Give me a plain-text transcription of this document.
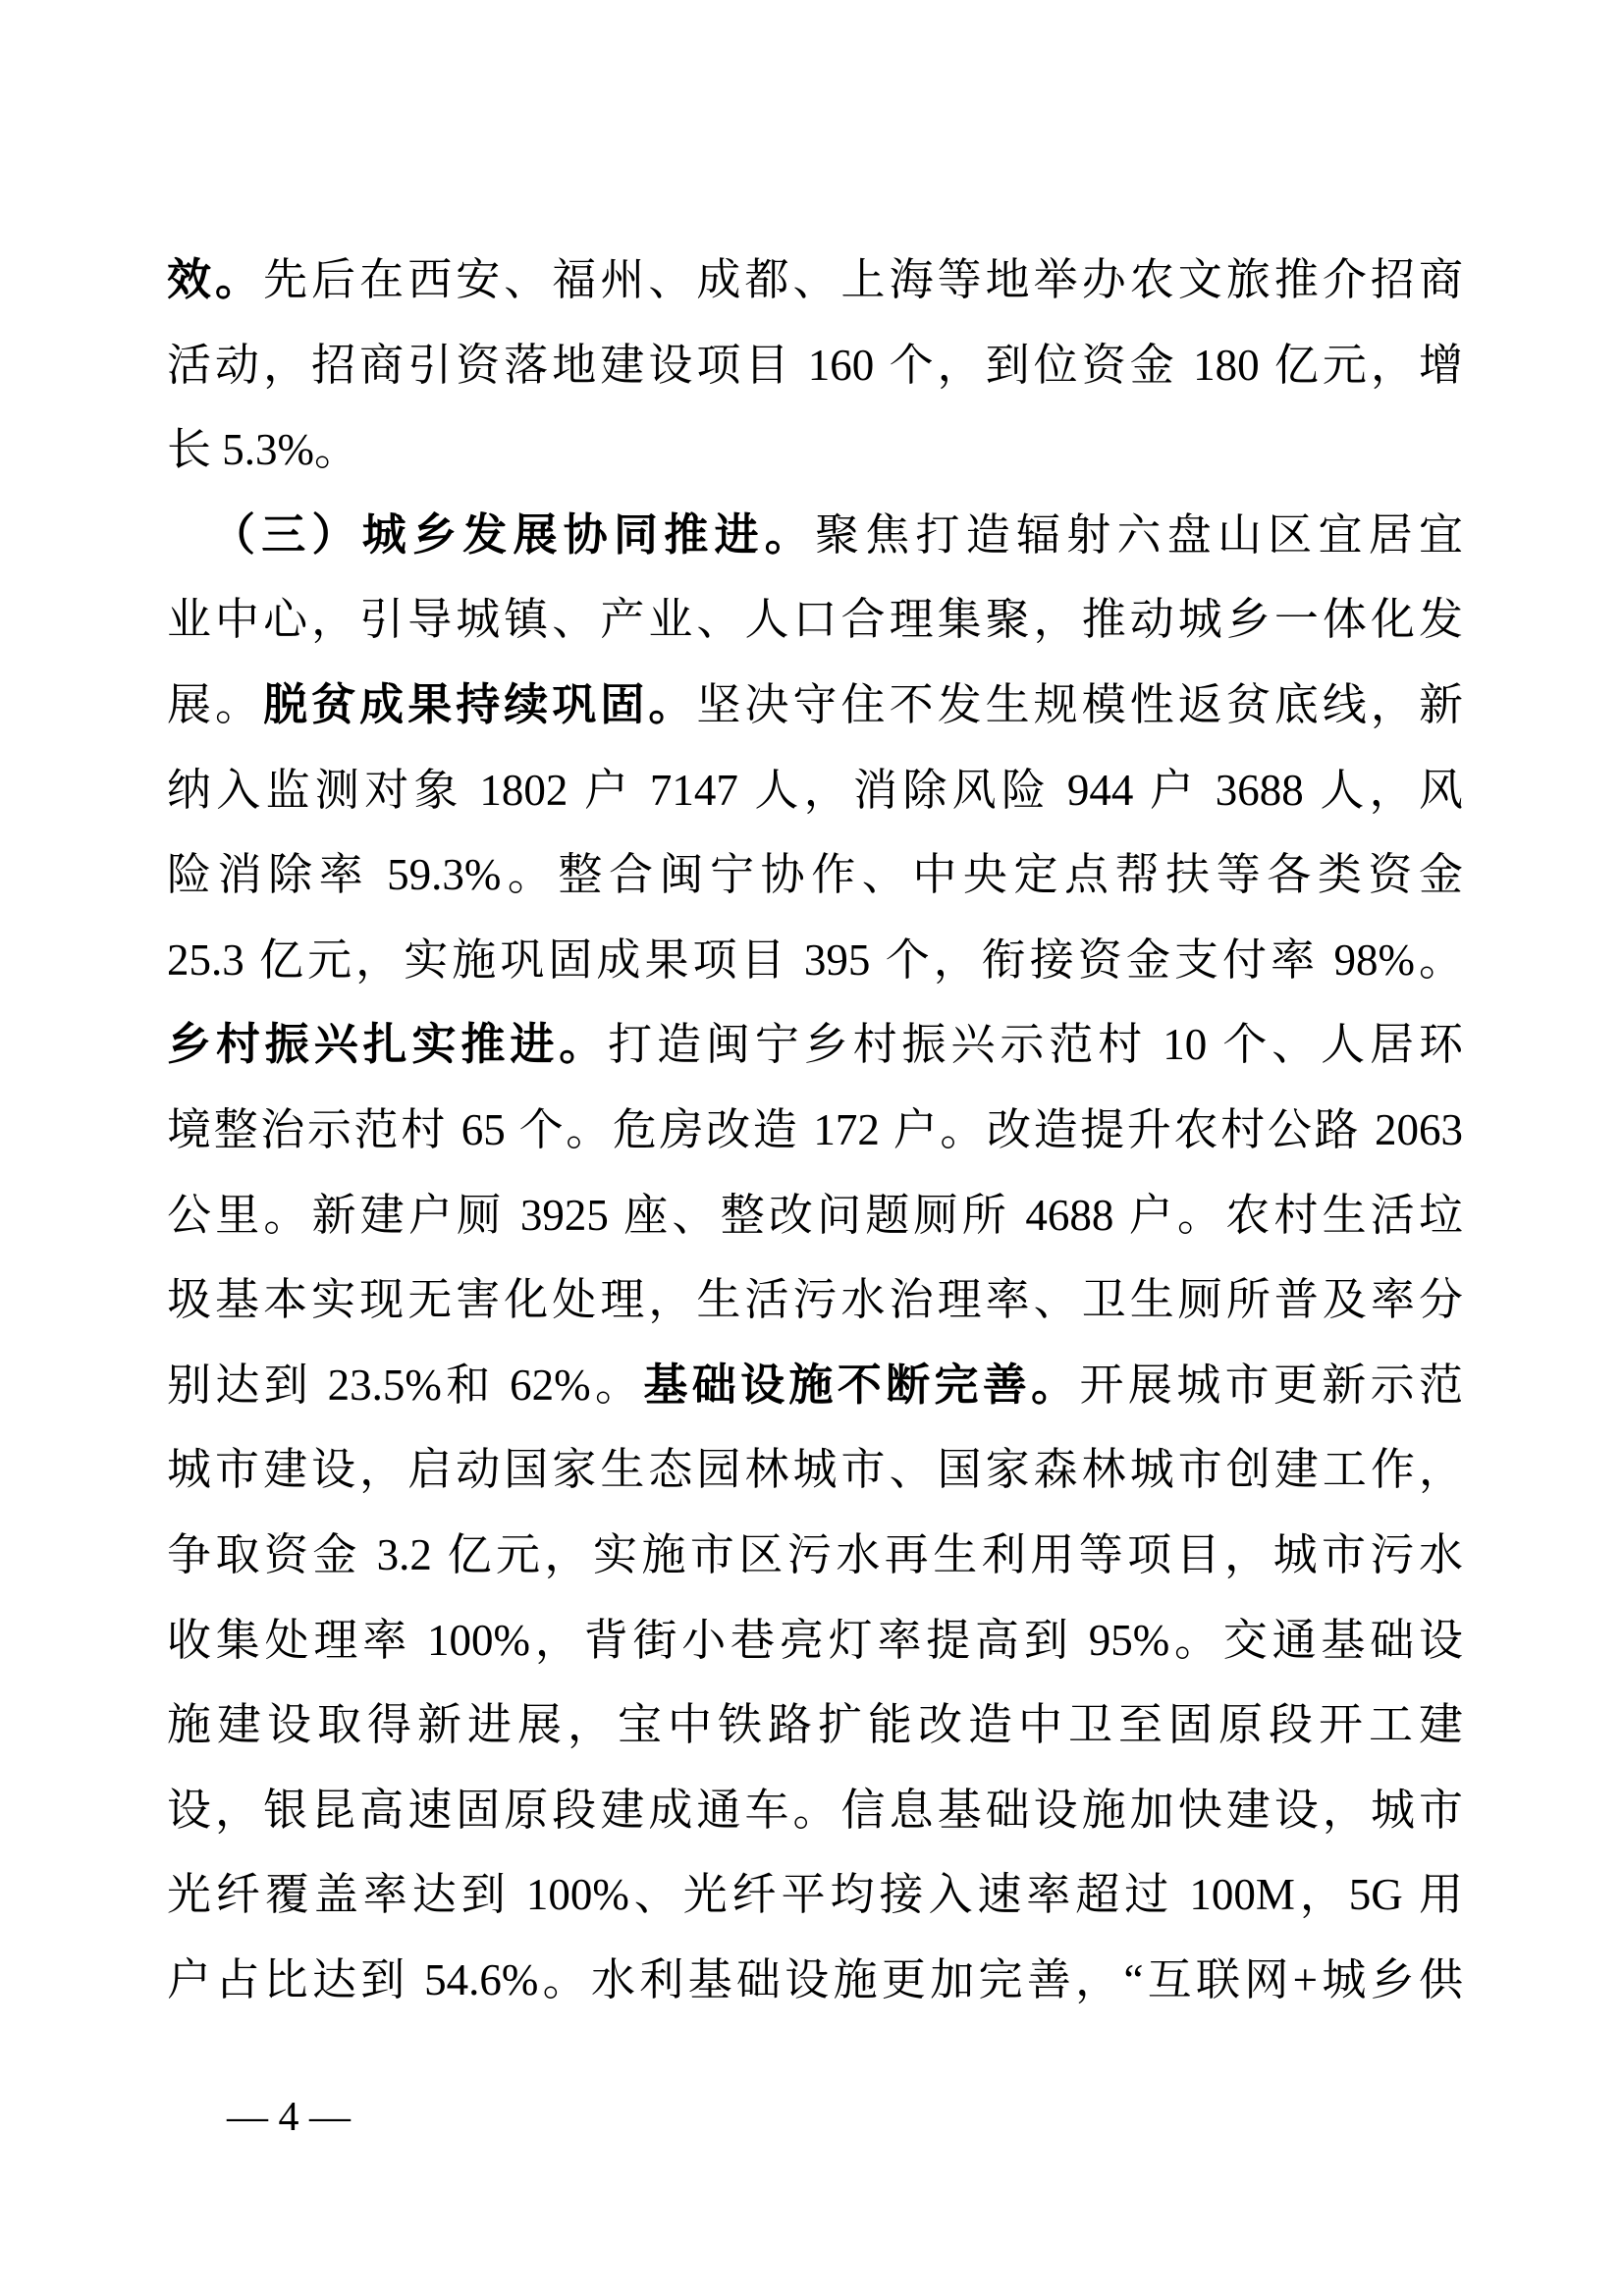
效。先后在西安、福州、成都、上海等地举办农文旅推介招商
活动，招商引资落地建设项目 160 个，到位资金 180 亿元，增
长 5.3%。
（三）城乡发展协同推进。聚焦打造辐射六盘山区宜居宜
业中心，引导城镇、产业、人口合理集聚，推动城乡一体化发
展。脱贫成果持续巩固。坚决守住不发生规模性返贫底线，新
纳入监测对象 1802 户 7147 人，消除风险 944 户 3688 人，风
险消除率 59.3%。整合闽宁协作、中央定点帮扶等各类资金
25.3 亿元，实施巩固成果项目 395 个，衔接资金支付率 98%。
乡村振兴扎实推进。打造闽宁乡村振兴示范村 10 个、人居环
境整治示范村 65 个。危房改造 172 户。改造提升农村公路 2063
公里。新建户厕 3925 座、整改问题厕所 4688 户。农村生活垃
圾基本实现无害化处理，生活污水治理率、卫生厕所普及率分
别达到 23.5%和 62%。基础设施不断完善。开展城市更新示范
城市建设，启动国家生态园林城市、国家森林城市创建工作，
争取资金 3.2 亿元，实施市区污水再生利用等项目，城市污水
收集处理率 100%，背街小巷亮灯率提高到 95%。交通基础设
施建设取得新进展，宝中铁路扩能改造中卫至固原段开工建
设，银昆高速固原段建成通车。信息基础设施加快建设，城市
光纤覆盖率达到 100%、光纤平均接入速率超过 100M，5G 用
户占比达到 54.6%。水利基础设施更加完善，“互联网+城乡供
— 4 —
